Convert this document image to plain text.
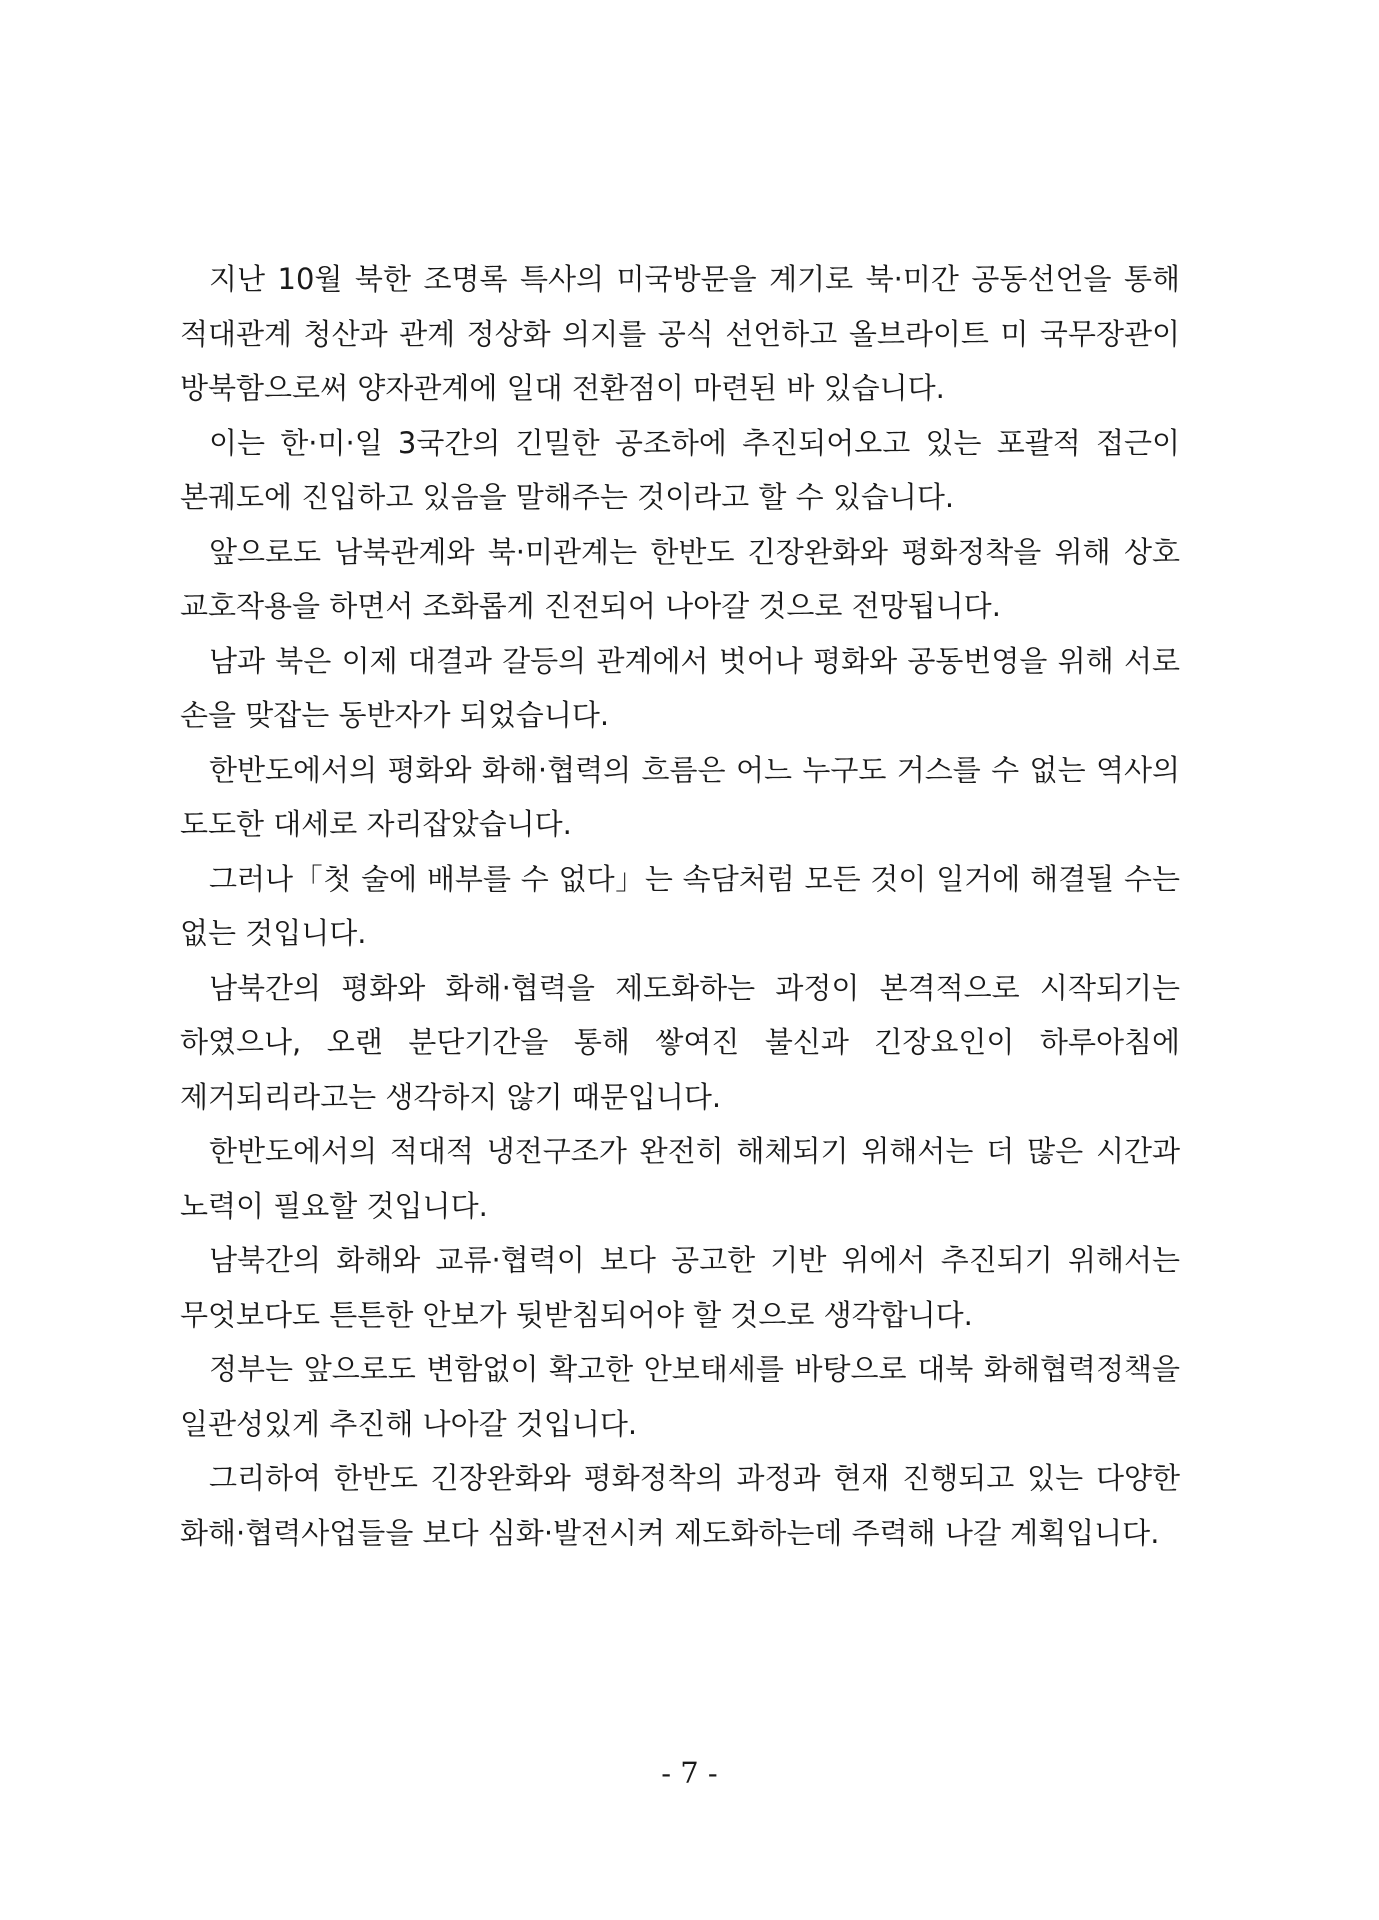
지난 10월 북한 조명록 특사의 미국방문을 계기로 북·미간 공동선언을 통해 적대관계 청산과 관계 정상화 의지를 공식 선언하고 올브라이트 미 국무장관이 방북함으로써 양자관계에 일대 전환점이 마련된 바 있습니다.

이는 한·미·일 3국간의 긴밀한 공조하에 추진되어오고 있는 포괄적 접근이 본궤도에 진입하고 있음을 말해주는 것이라고 할 수 있습니다.

앞으로도 남북관계와 북·미관계는 한반도 긴장완화와 평화정착을 위해 상호 교호작용을 하면서 조화롭게 진전되어 나아갈 것으로 전망됩니다.

남과 북은 이제 대결과 갈등의 관계에서 벗어나 평화와 공동번영을 위해 서로 손을 맞잡는 동반자가 되었습니다.

한반도에서의 평화와 화해·협력의 흐름은 어느 누구도 거스를 수 없는 역사의 도도한 대세로 자리잡았습니다.

그러나「첫 술에 배부를 수 없다」는 속담처럼 모든 것이 일거에 해결될 수는 없는 것입니다.

남북간의 평화와 화해·협력을 제도화하는 과정이 본격적으로 시작되기는 하였으나, 오랜 분단기간을 통해 쌓여진 불신과 긴장요인이 하루아침에 제거되리라고는 생각하지 않기 때문입니다.

한반도에서의 적대적 냉전구조가 완전히 해체되기 위해서는 더 많은 시간과 노력이 필요할 것입니다.

남북간의 화해와 교류·협력이 보다 공고한 기반 위에서 추진되기 위해서는 무엇보다도 튼튼한 안보가 뒷받침되어야 할 것으로 생각합니다.

정부는 앞으로도 변함없이 확고한 안보태세를 바탕으로 대북 화해협력정책을 일관성있게 추진해 나아갈 것입니다.

그리하여 한반도 긴장완화와 평화정착의 과정과 현재 진행되고 있는 다양한 화해·협력사업들을 보다 심화·발전시켜 제도화하는데 주력해 나갈 계획입니다.

- 7 -
